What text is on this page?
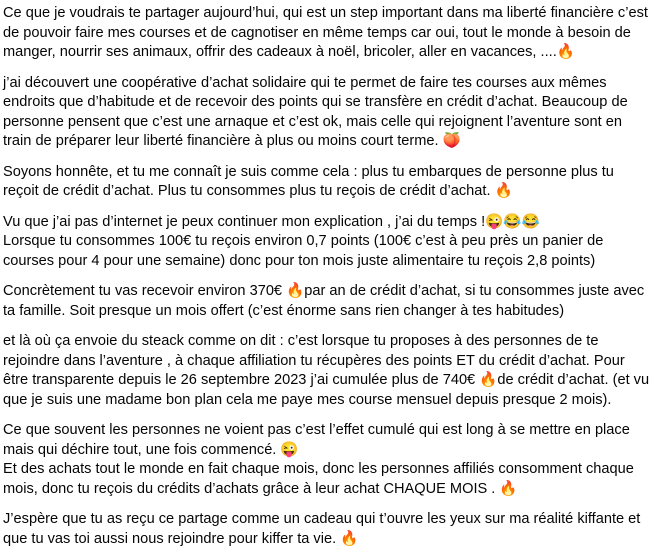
Ce que je voudrais te partager aujourd’hui, qui est un step important dans ma liberté financière c’est de pouvoir faire mes courses et de cagnotiser en même temps car oui, tout le monde à besoin de manger, nourrir ses animaux, offrir des cadeaux à noël, bricoler, aller en vacances, ....🔥

j’ai découvert une coopérative d’achat solidaire qui te permet de faire tes courses aux mêmes endroits que d’habitude et de recevoir des points qui se transfère en crédit d’achat. Beaucoup de personne pensent que c’est une arnaque et c’est ok, mais celle qui rejoignent l’aventure sont en train de préparer leur liberté financière à plus ou moins court terme. 🍑

Soyons honnête, et tu me connaît je suis comme cela : plus tu embarques de personne plus tu reçoit de crédit d’achat. Plus tu consommes plus tu reçois de crédit d’achat. 🔥

Vu que j’ai pas d’internet je peux continuer mon explication , j’ai du temps !😜😂😂
Lorsque tu consommes 100€ tu reçois environ 0,7 points (100€ c’est à peu près un panier de courses pour 4 pour une semaine) donc pour ton mois juste alimentaire tu reçois 2,8 points)

Concrètement tu vas recevoir environ 370€ 🔥par an de crédit d’achat, si tu consommes juste avec ta famille. Soit presque un mois offert (c’est énorme sans rien changer à tes habitudes)

et là où ça envoie du steack comme on dit : c’est lorsque tu proposes à des personnes de te rejoindre dans l’aventure , à chaque affiliation tu récupères des points ET du crédit d’achat. Pour être transparente depuis le 26 septembre 2023 j’ai cumulée plus de 740€ 🔥de crédit d’achat. (et vu que je suis une madame bon plan cela me paye mes course mensuel depuis presque 2 mois).

Ce que souvent les personnes ne voient pas c’est l’effet cumulé qui est long à se mettre en place mais qui déchire tout, une fois commencé. 😜
Et des achats tout le monde en fait chaque mois, donc les personnes affiliés consomment chaque mois, donc tu reçois du crédits d’achats grâce à leur achat CHAQUE MOIS . 🔥

J’espère que tu as reçu ce partage comme un cadeau qui t’ouvre les yeux sur ma réalité kiffante et que tu vas toi aussi nous rejoindre pour kiffer ta vie. 🔥
